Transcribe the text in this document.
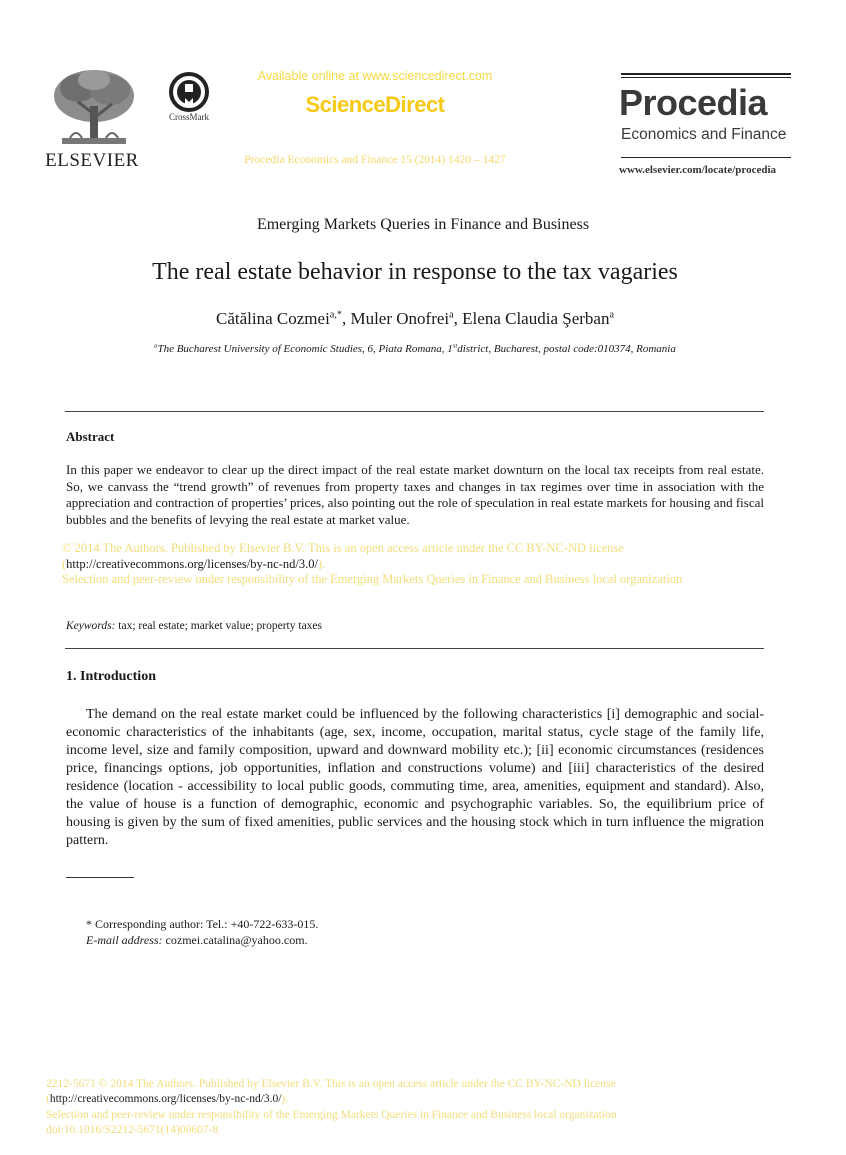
ELSEVIER
CrossMark
Available online at www.sciencedirect.com
ScienceDirect
Procedia Economics and Finance 15 (2014) 1420 – 1427
Procedia
Economics and Finance
www.elsevier.com/locate/procedia
Emerging Markets Queries in Finance and Business
The real estate behavior in response to the tax vagaries
Cătălina Cozmei$^{a,*}$, Muler Onofrei$^a$, Elena Claudia Şerban$^a$
$^a$The Bucharest University of Economic Studies, 6, Piata Romana, 1stdistrict, Bucharest, postal code:010374, Romania
Abstract
In this paper we endeavor to clear up the direct impact of the real estate market downturn on the local tax receipts from real estate. So, we canvass the “trend growth” of revenues from property taxes and changes in tax regimes over time in association with the appreciation and contraction of properties’ prices, also pointing out the role of speculation in real estate markets for housing and fiscal bubbles and the benefits of levying the real estate at market value.
© 2014 The Authors. Published by Elsevier B.V. This is an open access article under the CC BY-NC-ND license
(http://creativecommons.org/licenses/by-nc-nd/3.0/).
Selection and peer-review under responsibility of the Emerging Markets Queries in Finance and Business local organization
Keywords: tax; real estate; market value; property taxes
1. Introduction
The demand on the real estate market could be influenced by the following characteristics [i] demographic and social-economic characteristics of the inhabitants (age, sex, income, occupation, marital status, cycle stage of the family life, income level, size and family composition, upward and downward mobility etc.); [ii] economic circumstances (residences price, financings options, job opportunities, inflation and constructions volume) and [iii] characteristics of the desired residence (location - accessibility to local public goods, commuting time, area, amenities, equipment and standard). Also, the value of house is a function of demographic, economic and psychographic variables. So, the equilibrium price of housing is given by the sum of fixed amenities, public services and the housing stock which in turn influence the migration pattern.
* Corresponding author: Tel.: +40-722-633-015.
E-mail address: cozmei.catalina@yahoo.com.
2212-5671 © 2014 The Authors. Published by Elsevier B.V. This is an open access article under the CC BY-NC-ND license
(http://creativecommons.org/licenses/by-nc-nd/3.0/).
Selection and peer-review under responsibility of the Emerging Markets Queries in Finance and Business local organization
doi:10.1016/S2212-5671(14)00607-8
